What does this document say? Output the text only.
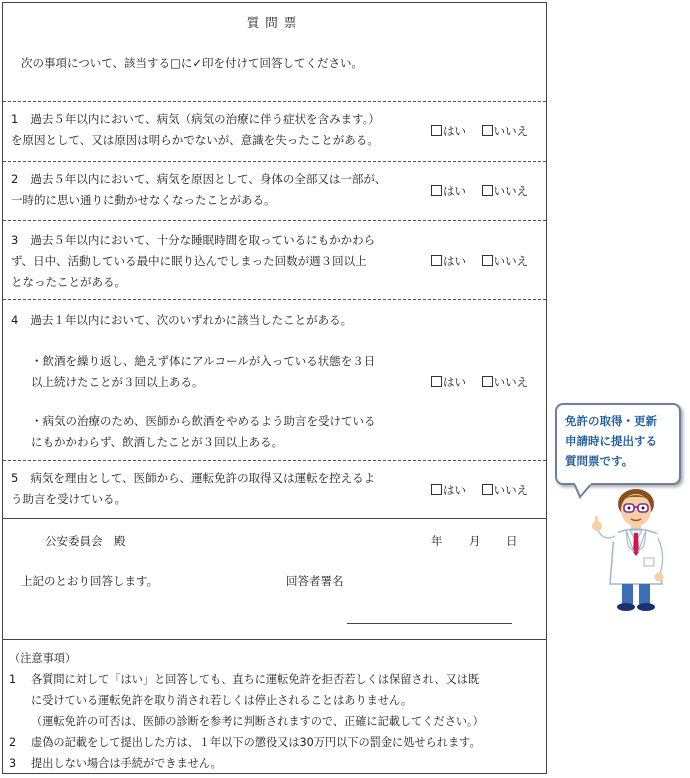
質問票
次の事項について、該当する□に✓印を付けて回答してください。
1 過去５年以内において、病気（病気の治療に伴う症状を含みます。）
を原因として、又は原因は明らかでないが、意識を失ったことがある。
はい いいえ
2 過去５年以内において、病気を原因として、身体の全部又は一部が、
一時的に思い通りに動かせなくなったことがある。
はい いいえ
3 過去５年以内において、十分な睡眠時間を取っているにもかかわら
ず、日中、活動している最中に眠り込んでしまった回数が週３回以上
となったことがある。
はい いいえ
4 過去１年以内において、次のいずれかに該当したことがある。
・飲酒を繰り返し、絶えず体にアルコールが入っている状態を３日
以上続けたことが３回以上ある。
・病気の治療のため、医師から飲酒をやめるよう助言を受けている
にもかかわらず、飲酒したことが３回以上ある。
はい いいえ
5 病気を理由として、医師から、運転免許の取得又は運転を控えるよ
う助言を受けている。
はい いいえ
公安委員会　殿	年 月 日
上記のとおり回答します。	回答者署名
（注意事項）
1 各質問に対して「はい」と回答しても、直ちに運転免許を拒否若しくは保留され、又は既
に受けている運転免許を取り消され若しくは停止されることはありません。
（運転免許の可否は、医師の診断を参考に判断されますので、正確に記載してください。）
2 虚偽の記載をして提出した方は、１年以下の懲役又は30万円以下の罰金に処せられます。
3 提出しない場合は手続ができません。
免許の取得・更新
申請時に提出する
質問票です。
